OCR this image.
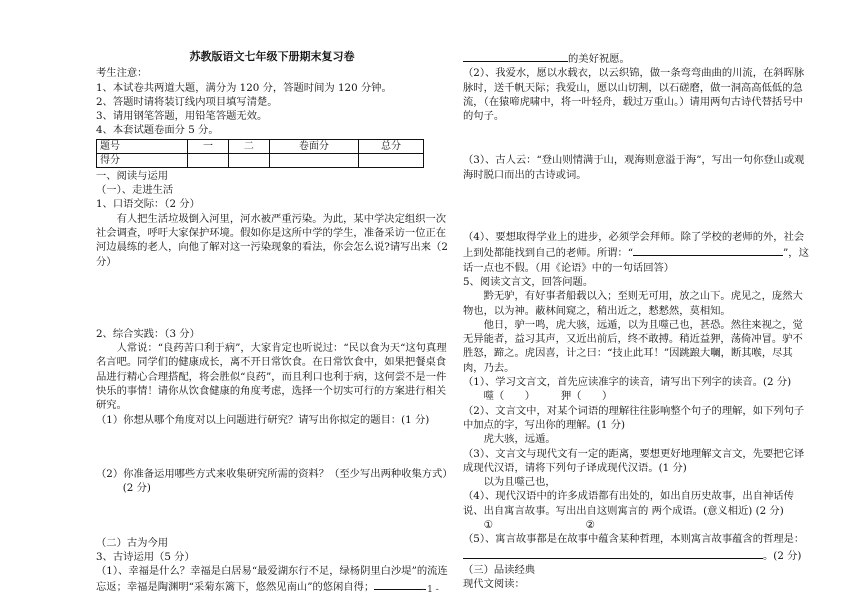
苏教版语文七年级下册期末复习卷

考生注意：

1、本试卷共两道大题，满分为 120 分，答题时间为 120 分钟。

2、答题时请将装订线内项目填写清楚。

3、请用钢笔答题，用铅笔答题无效。

4、本套试题卷面分 5 分。

题号	一	二	卷面分	总分
得分				

一、阅读与运用

（一）、走进生活

1、口语交际：（2 分）

有人把生活垃圾倒入河里，河水被严重污染。为此，某中学决定组织一次社会调查，呼吁大家保护环境。假如你是这所中学的学生，准备采访一位正在河边晨练的老人，向他了解对这一污染现象的看法，你会怎么说?请写出来（2 分）

2、综合实践：（3 分）

人常说：“良药苦口利于病”，大家肯定也听说过：“民以食为天“这句真理名言吧。同学们的健康成长，离不开日常饮食。在日常饮食中，如果把餐桌食品进行精心合理搭配，将会胜似“良药”，而且利口也利于病，这何尝不是一件快乐的事情！请你从饮食健康的角度考虑，选择一个切实可行的方案进行相关研究。

（1）你想从哪个角度对以上问题进行研究？请写出你拟定的题目：(1 分)

（2）你准备运用哪些方式来收集研究所需的资料？（至少写出两种收集方式）(2 分)

（二）古为今用

3、古诗运用（5 分）

（1）、幸福是什么？幸福是白居易“最爱湖东行不足，绿杨阴里白沙堤”的流连忘返；幸福是陶渊明“采菊东篱下，悠然见南山”的悠闲自得；

的美好祝愿。

（2）、我爱水，愿以水载衣，以云织锦，做一条弯弯曲曲的川流，在斜晖脉脉时，送千帆天际；我爱山，愿以山切割，以石磋磨，做一洞高高低低的急流，（在猿啼虎啸中，将一叶轻舟，载过万重山。）请用两句古诗代替括号中的句子。

（3）、古人云：“登山则情满于山，观海则意溢于海”，写出一句你登山或观海时脱口而出的古诗或词。

（4）、要想取得学业上的进步，必须学会拜师。除了学校的老师的外，社会上到处都能找到自己的老师。所谓：“	”，这话一点也不假。（用《论语》中的一句话回答）

5、阅读文言文，回答问题。

黔无驴，有好事者船载以入；至则无可用，放之山下。虎见之，庞然大物也，以为神。蔽林间窥之，稍出近之，慭慭然，莫相知。

他日，驴一鸣，虎大骇，远遁，以为且噬己也，甚恐。然往来视之，觉无异能者，益习其声，又近出前后，终不敢搏。稍近益狎，荡倚冲冒。驴不胜怒，蹄之。虎因喜，计之曰：“技止此耳！”因跳踉大㘎，断其喉，尽其肉，乃去。

（1）、学习文言文，首先应读准字的读音，请写出下列字的读音。(2 分)

噬（　　）　　　狎（　　）

（2）、文言文中，对某个词语的理解往往影响整个句子的理解，如下列句子中加点的字，写出你的理解。(1 分)

虎大骇，远遁。

（3）、文言文与现代文有一定的距离，要想更好地理解文言文，先要把它译成现代汉语，请将下列句子译成现代汉语。(1 分)

以为且噬己也，

（4）、现代汉语中的许多成语都有出处的，如出自历史故事，出自神话传说、出自寓言故事。写出出自这则寓言的 两个成语。(意义相近) (2 分)

①　　　　　　　　　②

（5）、寓言故事都是在故事中蕴含某种哲理，本则寓言故事蕴含的哲理是：

。(2 分)

（三）品读经典

现代文阅读：

- 1 -
